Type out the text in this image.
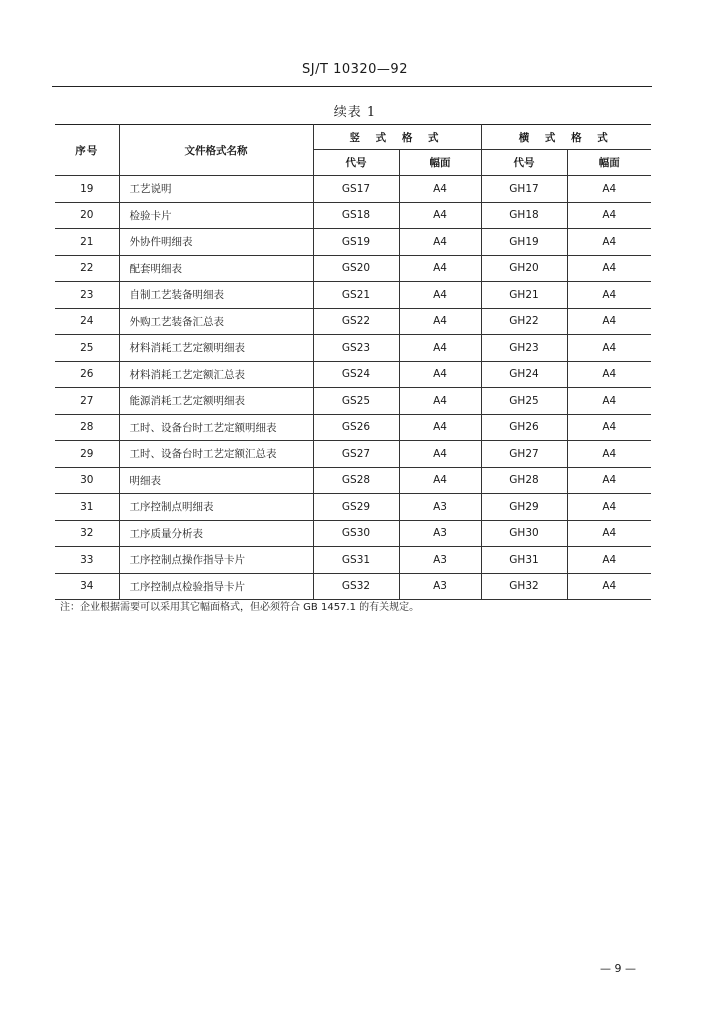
SJ/T 10320—92
续表 1
序号	文件格式名称	竖 式 格 式		横 式 格 式	
		代号	幅面	代号	幅面
19	工艺说明	GS17	A4	GH17	A4
20	检验卡片	GS18	A4	GH18	A4
21	外协件明细表	GS19	A4	GH19	A4
22	配套明细表	GS20	A4	GH20	A4
23	自制工艺装备明细表	GS21	A4	GH21	A4
24	外购工艺装备汇总表	GS22	A4	GH22	A4
25	材料消耗工艺定额明细表	GS23	A4	GH23	A4
26	材料消耗工艺定额汇总表	GS24	A4	GH24	A4
27	能源消耗工艺定额明细表	GS25	A4	GH25	A4
28	工时、设备台时工艺定额明细表	GS26	A4	GH26	A4
29	工时、设备台时工艺定额汇总表	GS27	A4	GH27	A4
30	明细表	GS28	A4	GH28	A4
31	工序控制点明细表	GS29	A3	GH29	A4
32	工序质量分析表	GS30	A3	GH30	A4
33	工序控制点操作指导卡片	GS31	A3	GH31	A4
34	工序控制点检验指导卡片	GS32	A3	GH32	A4
注：企业根据需要可以采用其它幅面格式，但必须符合 GB 1457.1 的有关规定。
— 9 —
